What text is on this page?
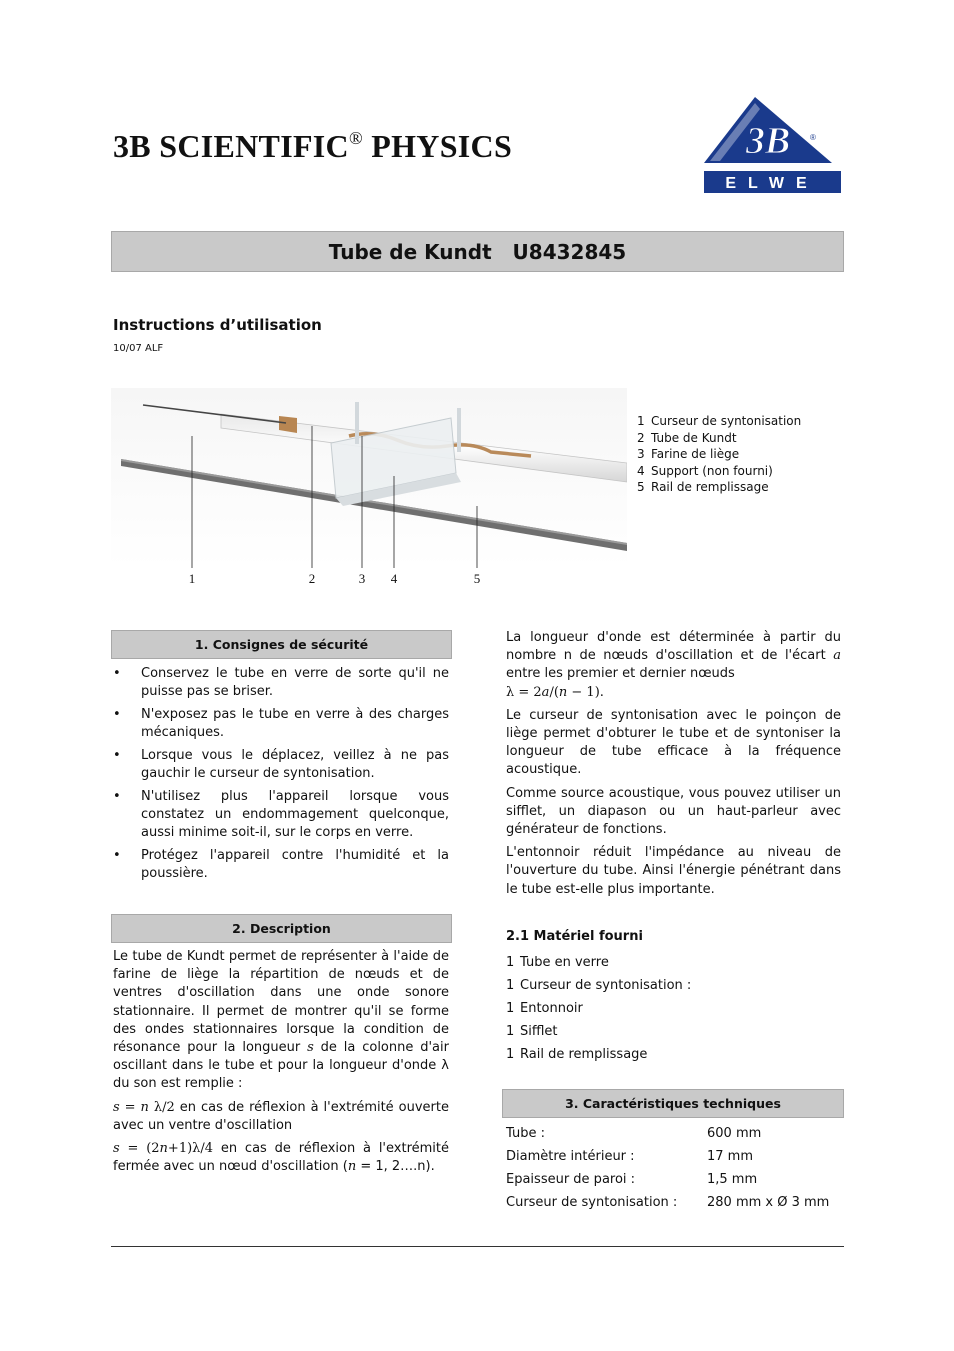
3B SCIENTIFIC® PHYSICS	3B ®
ELWE
Tube de Kundt   U8432845
Instructions d’utilisation
10/07 ALF
1	2	3 4	5
1 Curseur de syntonisation
2 Tube de Kundt
3 Farine de liège
4 Support (non fourni)
5 Rail de remplissage
1. Consignes de sécurité
• Conservez le tube en verre de sorte qu'il ne puisse pas se briser.
• N'exposez pas le tube en verre à des charges mécaniques.
• Lorsque vous le déplacez, veillez à ne pas gauchir le curseur de syntonisation.
• N'utilisez plus l'appareil lorsque vous constatez un endommagement quelconque, aussi minime soit-il, sur le corps en verre.
• Protégez l'appareil contre l'humidité et la poussière.
2. Description

Le tube de Kundt permet de représenter à l'aide de farine de liège la répartition de nœuds et de ventres d'oscillation dans une onde sonore stationnaire. Il permet de montrer qu'il se forme des ondes stationnaires lorsque la condition de résonance pour la longueur s de la colonne d'air oscillant dans le tube et pour la longueur d'onde λ du son est remplie :

s = n λ/2 en cas de réflexion à l'extrémité ouverte avec un ventre d'oscillation

s = (2n+1)λ/4 en cas de réflexion à l'extrémité fermée avec un nœud d'oscillation (n = 1, 2….n).

La longueur d'onde est déterminée à partir du nombre n de nœuds d'oscillation et de l'écart a entre les premier et dernier nœuds

λ = 2a/(n − 1).

Le curseur de syntonisation avec le poinçon de liège permet d'obturer le tube et de syntoniser la longueur de tube efficace à la fréquence acoustique.

Comme source acoustique, vous pouvez utiliser un sifflet, un diapason ou un haut-parleur avec générateur de fonctions.

L'entonnoir réduit l'impédance au niveau de l'ouverture du tube. Ainsi l'énergie pénétrant dans le tube est-elle plus importante.

2.1 Matériel fourni
1 Tube en verre
1 Curseur de syntonisation :
1 Entonnoir
1 Sifflet
1 Rail de remplissage
3. Caractéristiques techniques
Tube :	600 mm
Diamètre intérieur :	17 mm
Epaisseur de paroi :	1,5 mm
Curseur de syntonisation :	280 mm x Ø 3 mm
